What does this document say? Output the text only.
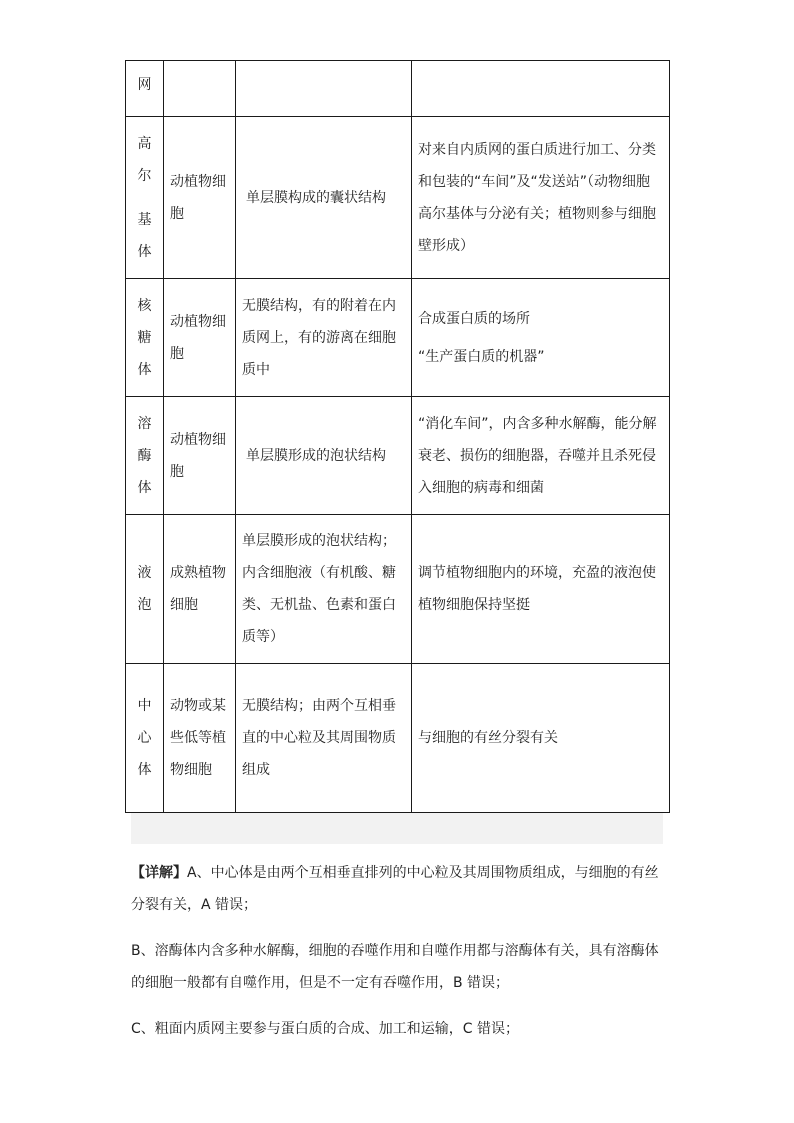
网			

高
尔
基
体	动植物细胞	单层膜构成的囊状结构	对来自内质网的蛋白质进行加工、分类和包装的“车间”及“发送站”（动物细胞高尔基体与分泌有关；植物则参与细胞壁形成）

核
糖
体	动植物细胞	无膜结构，有的附着在内质网上，有的游离在细胞质中	合成蛋白质的场所
“生产蛋白质的机器”

溶
酶
体	动植物细胞	单层膜形成的泡状结构	“消化车间”，内含多种水解酶，能分解衰老、损伤的细胞器，吞噬并且杀死侵入细胞的病毒和细菌

液
泡	成熟植物细胞	单层膜形成的泡状结构；内含细胞液（有机酸、糖类、无机盐、色素和蛋白质等）	调节植物细胞内的环境，充盈的液泡使植物细胞保持坚挺

中
心
体	动物或某些低等植物细胞	无膜结构；由两个互相垂直的中心粒及其周围物质组成	与细胞的有丝分裂有关

【详解】A、中心体是由两个互相垂直排列的中心粒及其周围物质组成，与细胞的有丝分裂有关，A 错误；

B、溶酶体内含多种水解酶，细胞的吞噬作用和自噬作用都与溶酶体有关，具有溶酶体的细胞一般都有自噬作用，但是不一定有吞噬作用，B 错误；

C、粗面内质网主要参与蛋白质的合成、加工和运输，C 错误；
